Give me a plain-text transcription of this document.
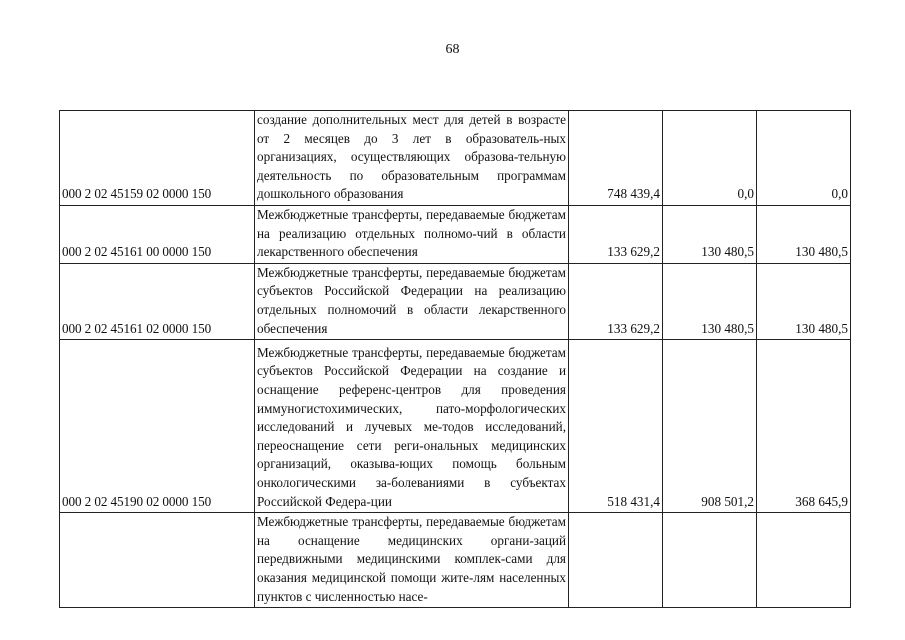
68
000 2 02 45159 02 0000 150	создание дополнительных мест для детей в возрасте от 2 месяцев до 3 лет в образователь-ных организациях, осуществляющих образова-тельную деятельность по образовательным программам дошкольного образования	748 439,4	0,0	0,0
000 2 02 45161 00 0000 150	Межбюджетные трансферты, передаваемые бюджетам на реализацию отдельных полномо-чий в области лекарственного обеспечения	133 629,2	130 480,5	130 480,5
000 2 02 45161 02 0000 150	Межбюджетные трансферты, передаваемые бюджетам субъектов Российской Федерации на реализацию отдельных полномочий в области лекарственного обеспечения	133 629,2	130 480,5	130 480,5
000 2 02 45190 02 0000 150	Межбюджетные трансферты, передаваемые бюджетам субъектов Российской Федерации на создание и оснащение референс-центров для проведения иммуногистохимических, пато-морфологических исследований и лучевых ме-тодов исследований, переоснащение сети реги-ональных медицинских организаций, оказыва-ющих помощь больным онкологическими за-болеваниями в субъектах Российской Федера-ции	518 431,4	908 501,2	368 645,9
	Межбюджетные трансферты, передаваемые бюджетам на оснащение медицинских органи-заций передвижными медицинскими комплек-сами для оказания медицинской помощи жите-лям населенных пунктов с численностью насе-			
